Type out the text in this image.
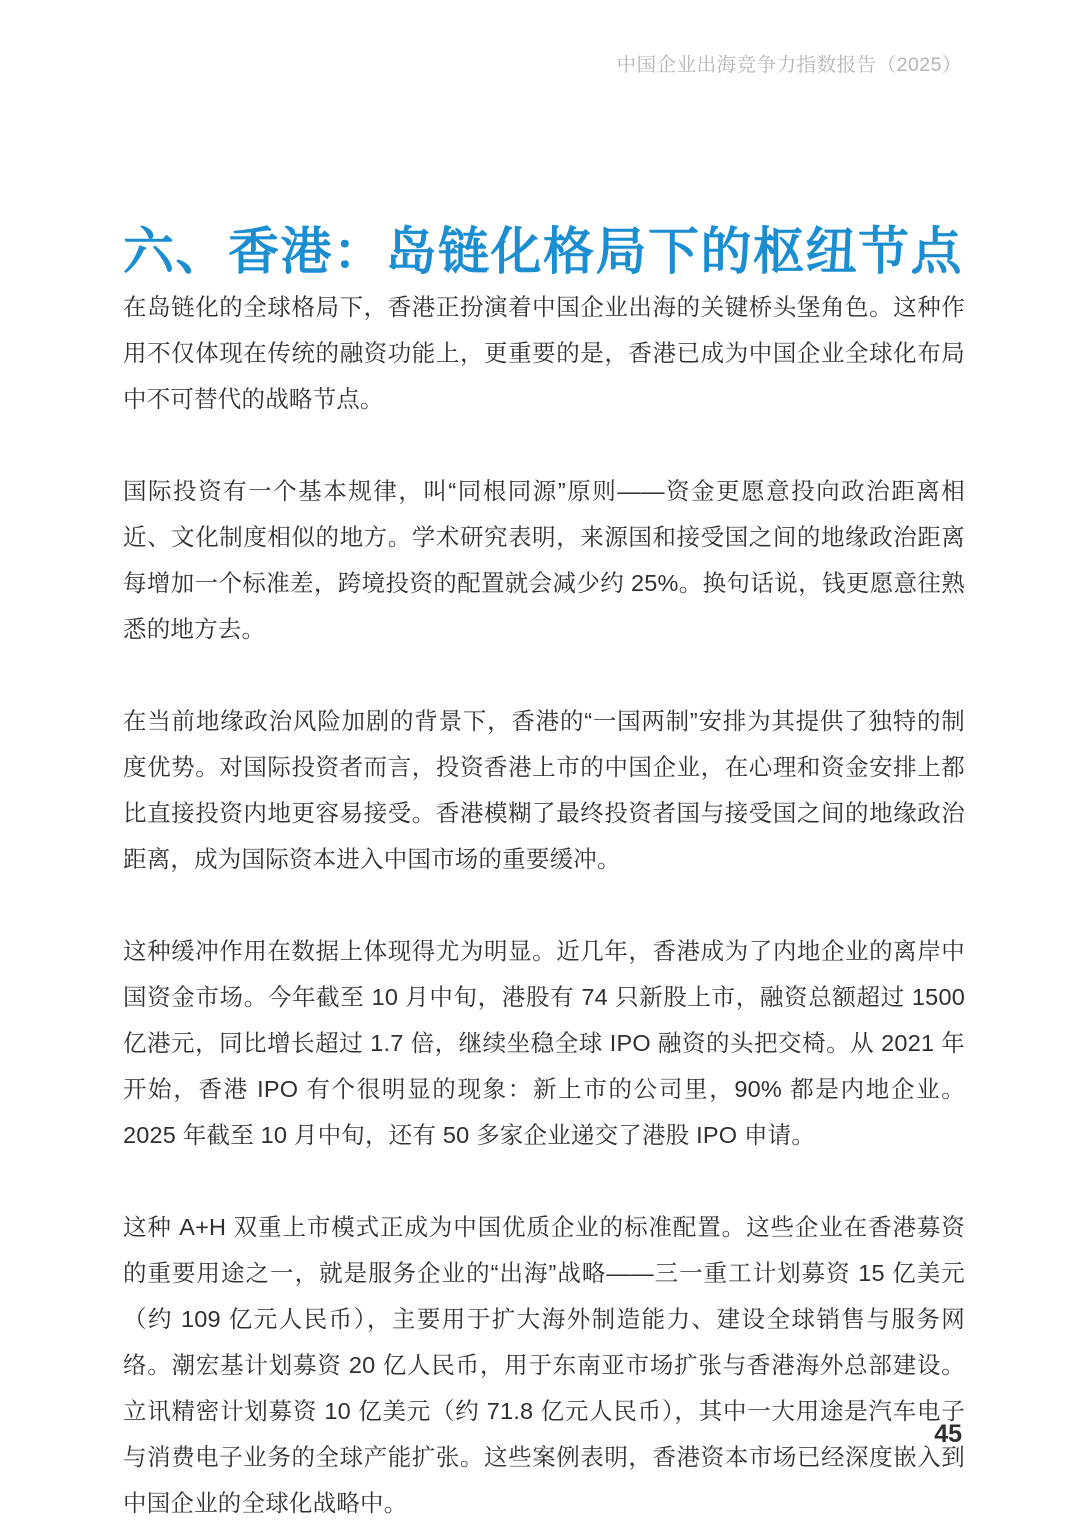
中国企业出海竞争力指数报告（2025）
六、香港：岛链化格局下的枢纽节点

在岛链化的全球格局下，香港正扮演着中国企业出海的关键桥头堡角色。这种作用不仅体现在传统的融资功能上，更重要的是，香港已成为中国企业全球化布局中不可替代的战略节点。

国际投资有一个基本规律，叫“同根同源”原则——资金更愿意投向政治距离相近、文化制度相似的地方。学术研究表明，来源国和接受国之间的地缘政治距离每增加一个标准差，跨境投资的配置就会减少约 25%。换句话说，钱更愿意往熟悉的地方去。

在当前地缘政治风险加剧的背景下，香港的“一国两制”安排为其提供了独特的制度优势。对国际投资者而言，投资香港上市的中国企业，在心理和资金安排上都比直接投资内地更容易接受。香港模糊了最终投资者国与接受国之间的地缘政治距离，成为国际资本进入中国市场的重要缓冲。

这种缓冲作用在数据上体现得尤为明显。近几年，香港成为了内地企业的离岸中国资金市场。今年截至 10 月中旬，港股有 74 只新股上市，融资总额超过 1500 亿港元，同比增长超过 1.7 倍，继续坐稳全球 IPO 融资的头把交椅。从 2021 年开始，香港 IPO 有个很明显的现象：新上市的公司里，90% 都是内地企业。2025 年截至 10 月中旬，还有 50 多家企业递交了港股 IPO 申请。

这种 A+H 双重上市模式正成为中国优质企业的标准配置。这些企业在香港募资的重要用途之一，就是服务企业的“出海”战略——三一重工计划募资 15 亿美元（约 109 亿元人民币），主要用于扩大海外制造能力、建设全球销售与服务网络。潮宏基计划募资 20 亿人民币，用于东南亚市场扩张与香港海外总部建设。立讯精密计划募资 10 亿美元（约 71.8 亿元人民币），其中一大用途是汽车电子与消费电子业务的全球产能扩张。这些案例表明，香港资本市场已经深度嵌入到中国企业的全球化战略中。

45
